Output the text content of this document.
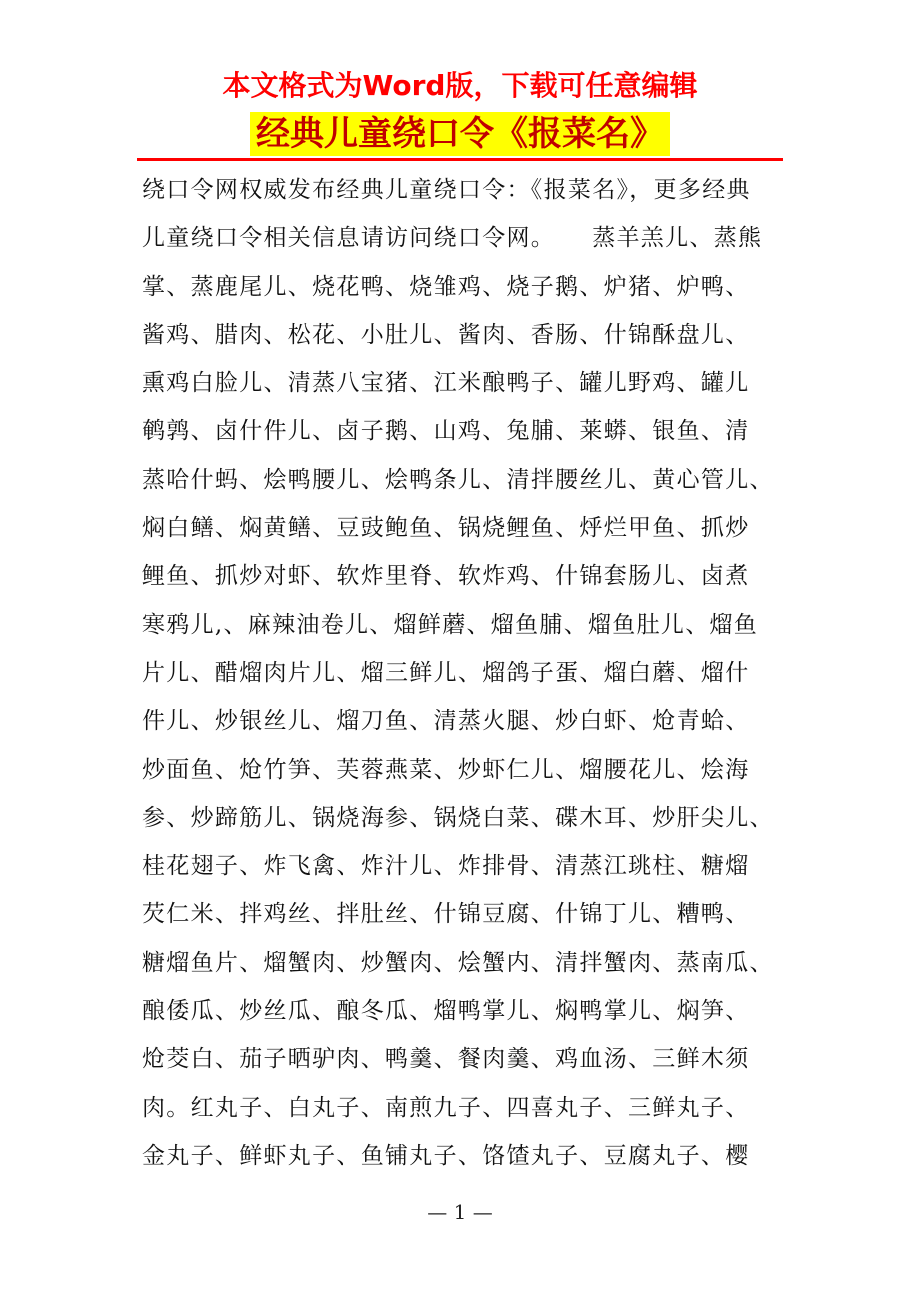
本文格式为Word版，下载可任意编辑
经典儿童绕口令《报菜名》
绕口令网权威发布经典儿童绕口令：《报菜名》，更多经典
儿童绕口令相关信息请访问绕口令网。　　蒸羊羔儿、蒸熊
掌、蒸鹿尾儿、烧花鸭、烧雏鸡、烧子鹅、炉猪、炉鸭、
酱鸡、腊肉、松花、小肚儿、酱肉、香肠、什锦酥盘儿、
熏鸡白脸儿、清蒸八宝猪、江米酿鸭子、罐儿野鸡、罐儿
鹌鹑、卤什件儿、卤子鹅、山鸡、兔脯、莱蟒、银鱼、清
蒸哈什蚂、烩鸭腰儿、烩鸭条儿、清拌腰丝儿、黄心管儿、
焖白鳝、焖黄鳝、豆豉鲍鱼、锅烧鲤鱼、烀烂甲鱼、抓炒
鲤鱼、抓炒对虾、软炸里脊、软炸鸡、什锦套肠儿、卤煮
寒鸦儿,、麻辣油卷儿、熘鲜蘑、熘鱼脯、熘鱼肚儿、熘鱼
片儿、醋熘肉片儿、熘三鲜儿、熘鸽子蛋、熘白蘑、熘什
件儿、炒银丝儿、熘刀鱼、清蒸火腿、炒白虾、炝青蛤、
炒面鱼、炝竹笋、芙蓉燕菜、炒虾仁儿、熘腰花儿、烩海
参、炒蹄筋儿、锅烧海参、锅烧白菜、碟木耳、炒肝尖儿、
桂花翅子、炸飞禽、炸汁儿、炸排骨、清蒸江珧柱、糖熘
芡仁米、拌鸡丝、拌肚丝、什锦豆腐、什锦丁儿、糟鸭、
糖熘鱼片、熘蟹肉、炒蟹肉、烩蟹内、清拌蟹肉、蒸南瓜、
酿倭瓜、炒丝瓜、酿冬瓜、熘鸭掌儿、焖鸭掌儿、焖笋、
炝茭白、茄子晒驴肉、鸭羹、餐肉羹、鸡血汤、三鲜木须
肉。红丸子、白丸子、南煎九子、四喜丸子、三鲜丸子、
金丸子、鲜虾丸子、鱼铺丸子、饹馇丸子、豆腐丸子、樱
— 1 —
